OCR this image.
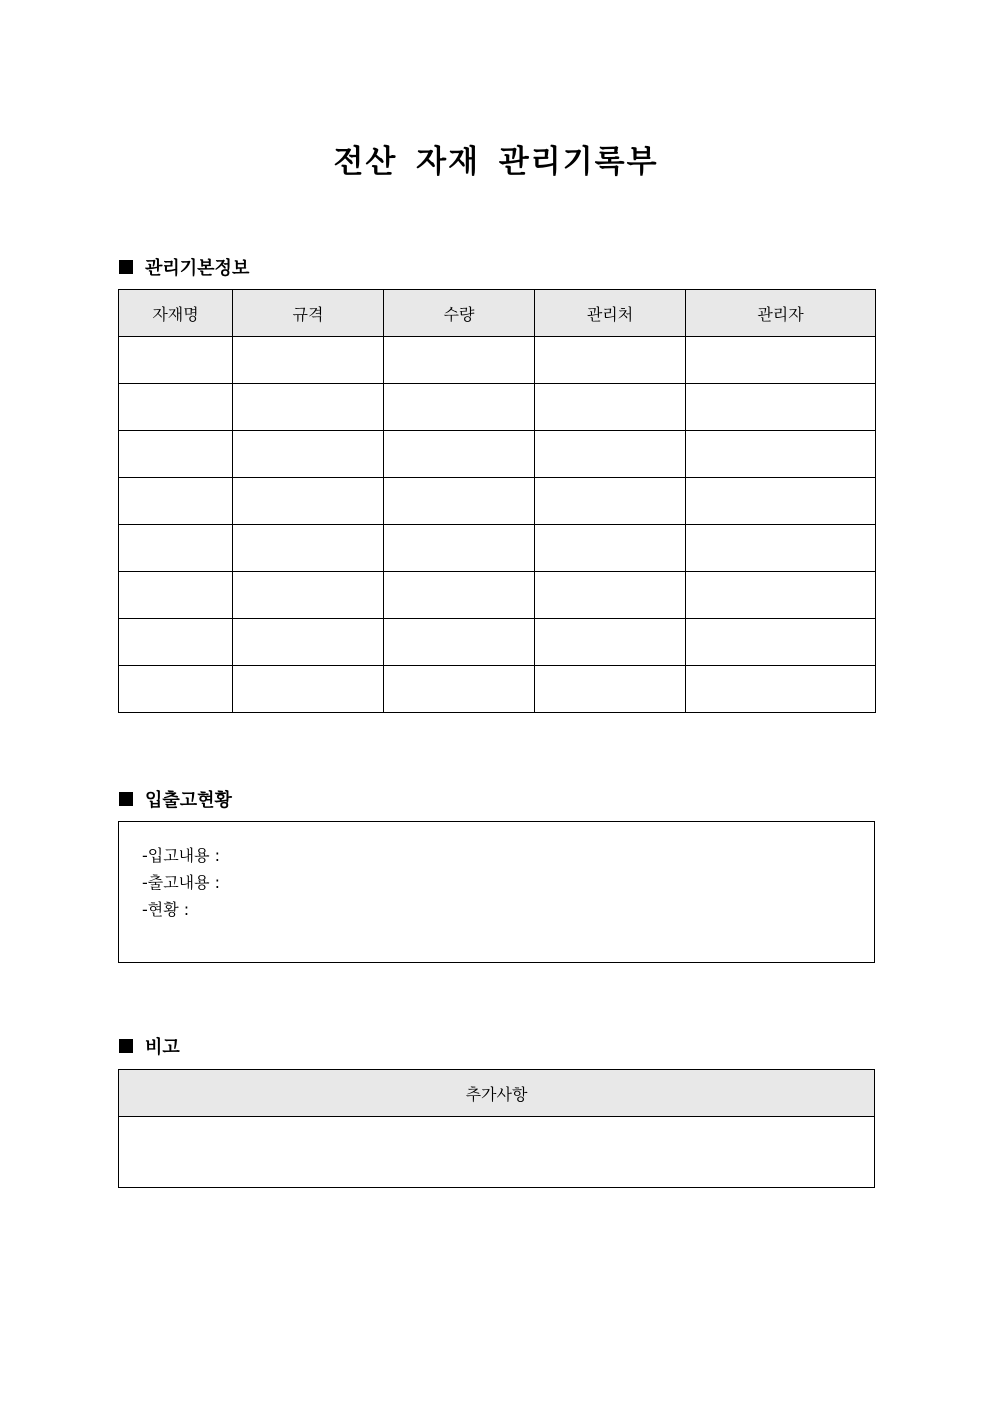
전산 자재 관리기록부
관리기본정보
자재명	규격	수량	관리처	관리자

입출고현황
-입고내용 :
-출고내용 :
-현황 :
비고
추가사항
